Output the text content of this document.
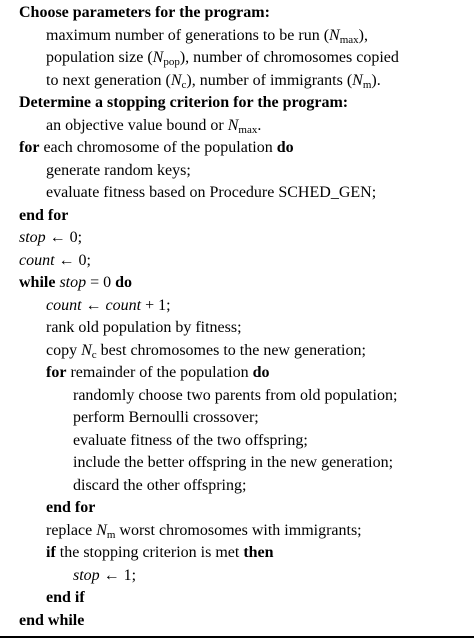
Choose parameters for the program:
maximum number of generations to be run $(N_{max})$,
population size $(N_{pop})$, number of chromosomes copied
to next generation $(N_c)$, number of immigrants $(N_m)$.
Determine a stopping criterion for the program:
an objective value bound or $N_{max}$.
for each chromosome of the population do
generate random keys;
evaluate fitness based on Procedure SCHED_GEN;
end for
stop ← 0;
count ← 0;
while stop = 0 do
count ← count + 1;
rank old population by fitness;
copy $N_c$ best chromosomes to the new generation;
for remainder of the population do
randomly choose two parents from old population;
perform Bernoulli crossover;
evaluate fitness of the two offspring;
include the better offspring in the new generation;
discard the other offspring;
end for
replace $N_m$ worst chromosomes with immigrants;
if the stopping criterion is met then
stop ← 1;
end if
end while
